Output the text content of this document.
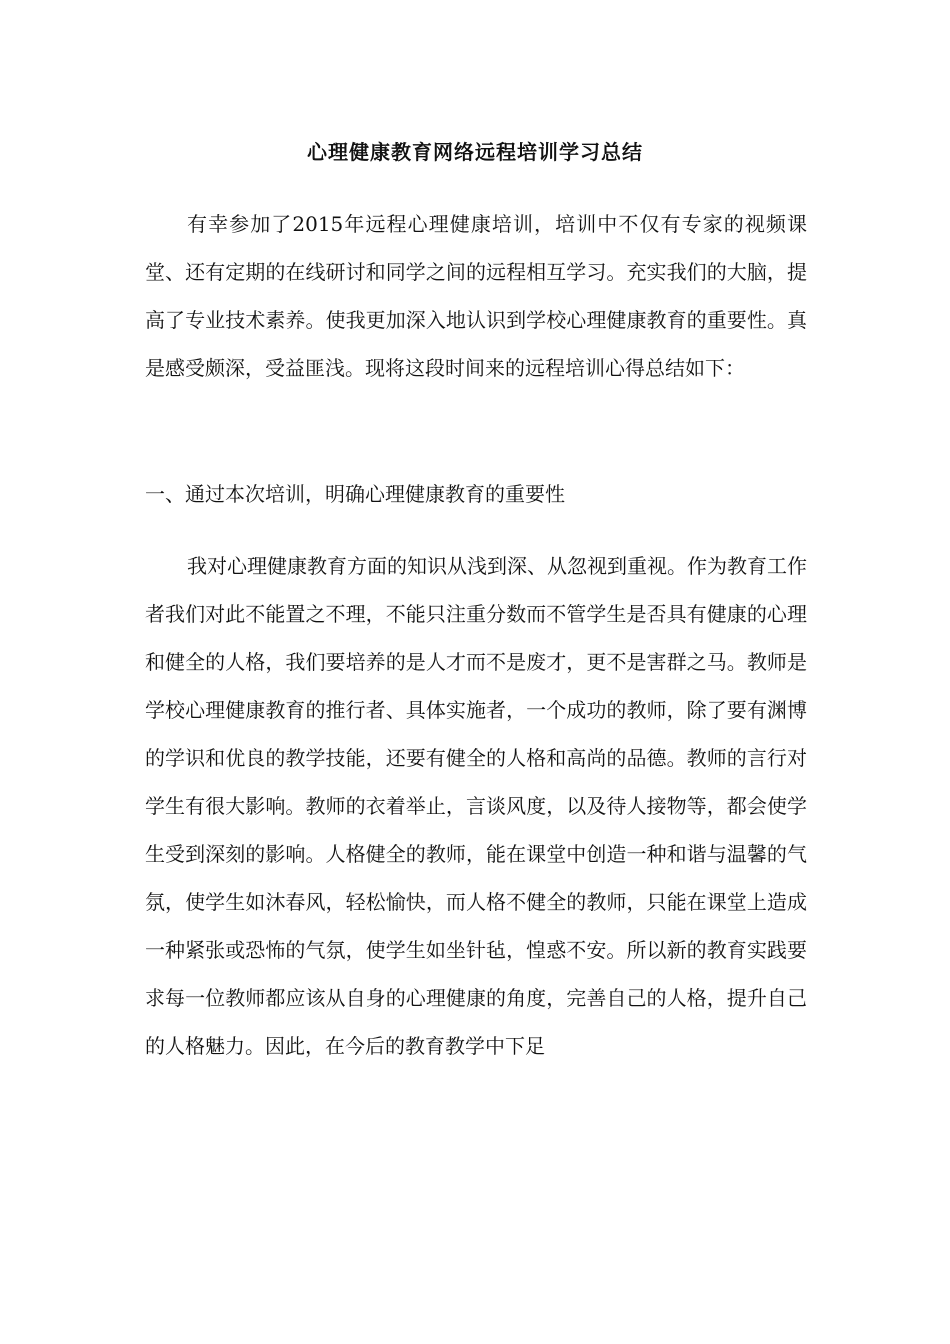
心理健康教育网络远程培训学习总结

有幸参加了2015年远程心理健康培训，培训中不仅有专家的视频课堂、还有定期的在线研讨和同学之间的远程相互学习。充实我们的大脑，提高了专业技术素养。使我更加深入地认识到学校心理健康教育的重要性。真是感受颇深，受益匪浅。现将这段时间来的远程培训心得总结如下：

一、通过本次培训，明确心理健康教育的重要性

我对心理健康教育方面的知识从浅到深、从忽视到重视。作为教育工作者我们对此不能置之不理，不能只注重分数而不管学生是否具有健康的心理和健全的人格，我们要培养的是人才而不是废才，更不是害群之马。教师是学校心理健康教育的推行者、具体实施者，一个成功的教师，除了要有渊博的学识和优良的教学技能，还要有健全的人格和高尚的品德。教师的言行对学生有很大影响。教师的衣着举止，言谈风度，以及待人接物等，都会使学生受到深刻的影响。人格健全的教师，能在课堂中创造一种和谐与温馨的气氛，使学生如沐春风，轻松愉快，而人格不健全的教师，只能在课堂上造成一种紧张或恐怖的气氛，使学生如坐针毡，惶惑不安。所以新的教育实践要求每一位教师都应该从自身的心理健康的角度，完善自己的人格，提升自己的人格魅力。因此，在今后的教育教学中下足
